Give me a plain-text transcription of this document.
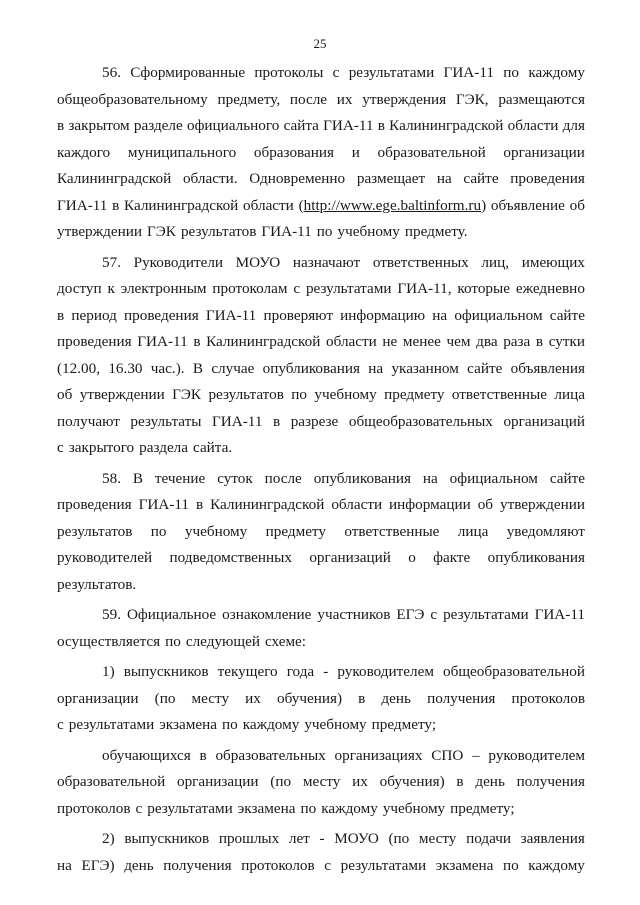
25
56. Сформированные протоколы с результатами ГИА-11 по каждому
общеобразовательному предмету, после их утверждения ГЭК, размещаются
в закрытом разделе официального сайта ГИА-11 в Калининградской области для
каждого муниципального образования и образовательной организации
Калининградской области. Одновременно размещает на сайте проведения
ГИА-11 в Калининградской области (http://www.ege.baltinform.ru) объявление об
утверждении ГЭК результатов ГИА-11 по учебному предмету.
57. Руководители МОУО назначают ответственных лиц, имеющих
доступ к электронным протоколам с результатами ГИА-11, которые ежедневно
в период проведения ГИА-11 проверяют информацию на официальном сайте
проведения ГИА-11 в Калининградской области не менее чем два раза в сутки
(12.00, 16.30 час.). В случае опубликования на указанном сайте объявления
об утверждении ГЭК результатов по учебному предмету ответственные лица
получают результаты ГИА-11 в разрезе общеобразовательных организаций
с закрытого раздела сайта.
58. В течение суток после опубликования на официальном сайте
проведения ГИА-11 в Калининградской области информации об утверждении
результатов по учебному предмету ответственные лица уведомляют
руководителей подведомственных организаций о факте опубликования
результатов.
59. Официальное ознакомление участников ЕГЭ с результатами ГИА-11
осуществляется по следующей схеме:
1) выпускников текущего года - руководителем общеобразовательной
организации (по месту их обучения) в день получения протоколов
с результатами экзамена по каждому учебному предмету;
обучающихся в образовательных организациях СПО – руководителем
образовательной организации (по месту их обучения) в день получения
протоколов с результатами экзамена по каждому учебному предмету;
2) выпускников прошлых лет - МОУО (по месту подачи заявления
на ЕГЭ) день получения протоколов с результатами экзамена по каждому
